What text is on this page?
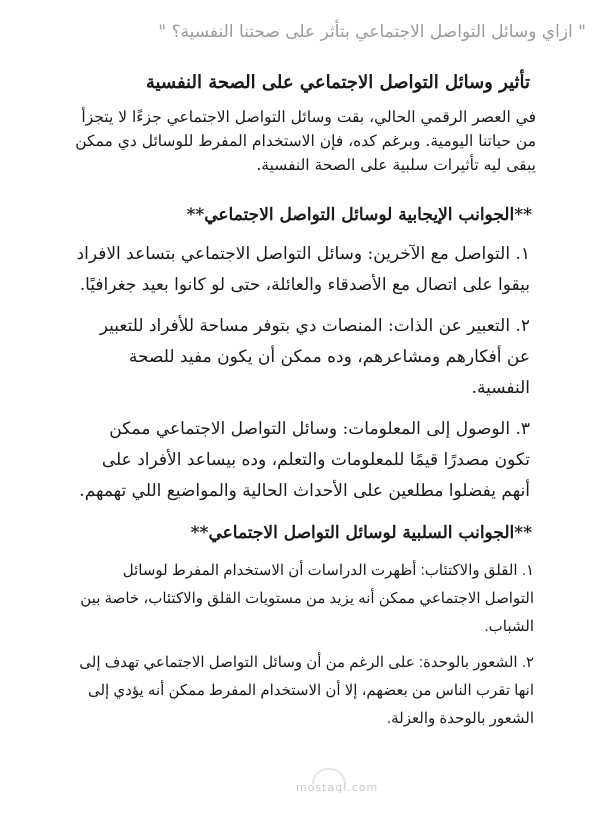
" ازاي وسائل التواصل الاجتماعي بتأثر على صحتنا النفسية؟ "
تأثير وسائل التواصل الاجتماعي على الصحة النفسية
في العصر الرقمي الحالي، بقت وسائل التواصل الاجتماعي جزءًا لا يتجزأ من حياتنا اليومية. وبرغم كده، فإن الاستخدام المفرط للوسائل دي ممكن يبقى ليه تأثيرات سلبية على الصحة النفسية.
**الجوانب الإيجابية لوسائل التواصل الاجتماعي**
١. التواصل مع الآخرين: وسائل التواصل الاجتماعي بتساعد الافراد بيقوا على اتصال مع الأصدقاء والعائلة، حتى لو كانوا بعيد جغرافيًا.
٢. التعبير عن الذات: المنصات دي بتوفر مساحة للأفراد للتعبير عن أفكارهم ومشاعرهم، وده ممكن أن يكون مفيد للصحة النفسية.
٣. الوصول إلى المعلومات: وسائل التواصل الاجتماعي ممكن تكون مصدرًا قيمًا للمعلومات والتعلم، وده بيساعد الأفراد على أنهم يفضلوا مطلعين على الأحداث الحالية والمواضيع اللي تهمهم.
**الجوانب السلبية لوسائل التواصل الاجتماعي**
١. القلق والاكتئاب: أظهرت الدراسات أن الاستخدام المفرط لوسائل التواصل الاجتماعي ممكن أنه يزيد من مستويات القلق والاكتئاب، خاصة بين الشباب.
٢. الشعور بالوحدة: على الرغم من أن وسائل التواصل الاجتماعي تهدف إلى انها تقرب الناس من بعضهم، إلا أن الاستخدام المفرط ممكن أنه يؤدي إلى الشعور بالوحدة والعزلة.
mostaql.com
